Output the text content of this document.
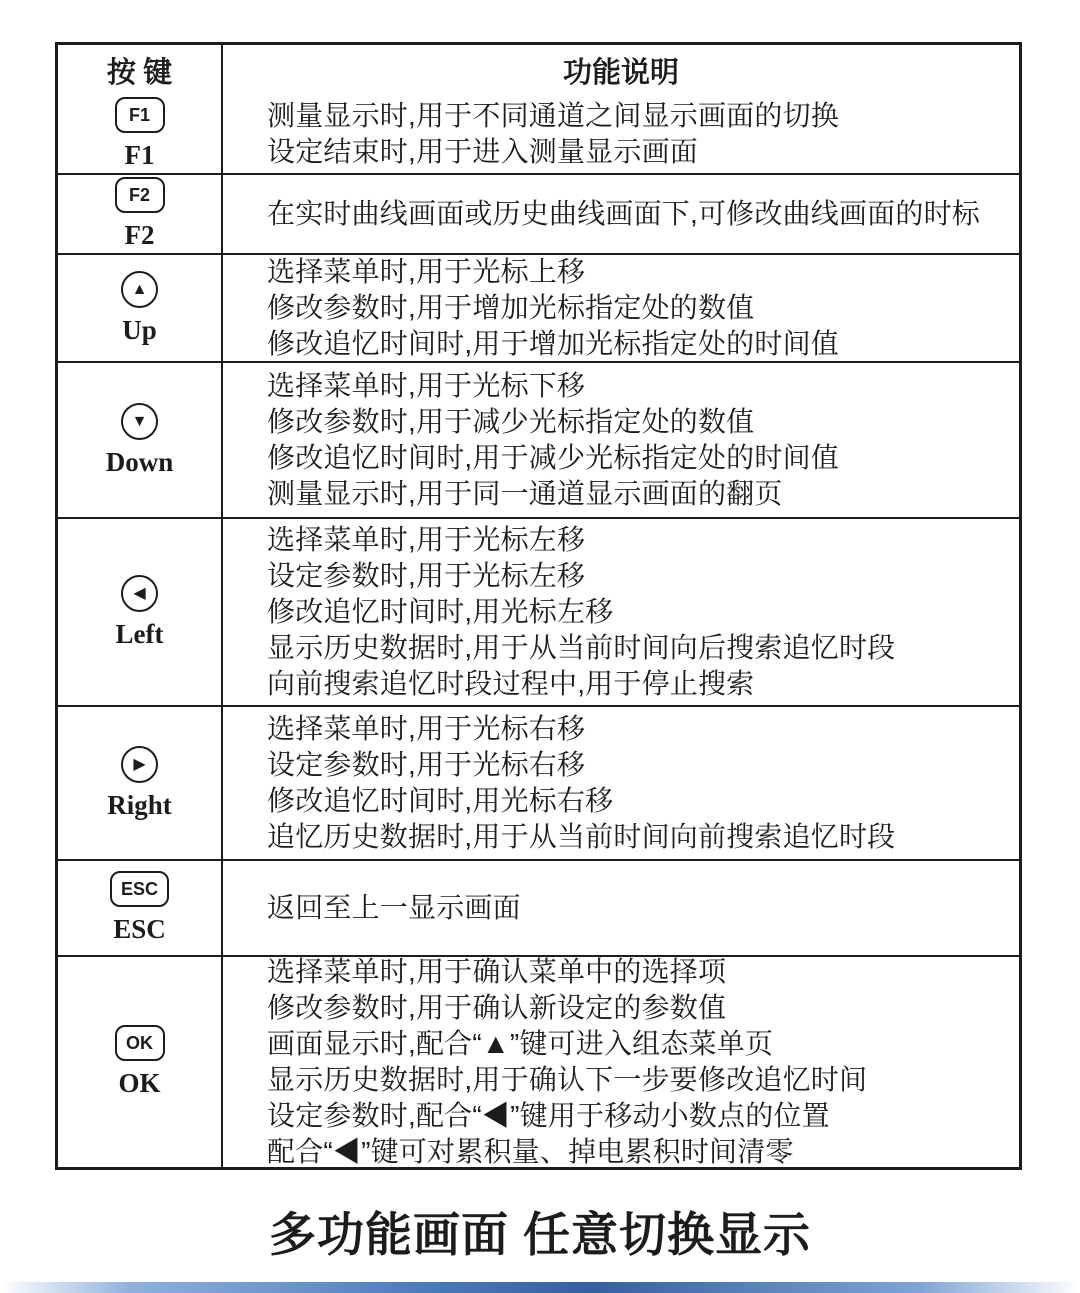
按 键	功能说明
F1
F1
测量显示时,用于不同通道之间显示画面的切换
设定结束时,用于进入测量显示画面
F2
F2
在实时曲线画面或历史曲线画面下,可修改曲线画面的时标
▲
Up
选择菜单时,用于光标上移
修改参数时,用于增加光标指定处的数值
修改追忆时间时,用于增加光标指定处的时间值
▼
Down
选择菜单时,用于光标下移
修改参数时,用于减少光标指定处的数值
修改追忆时间时,用于减少光标指定处的时间值
测量显示时,用于同一通道显示画面的翻页
◀
Left
选择菜单时,用于光标左移
设定参数时,用于光标左移
修改追忆时间时,用光标左移
显示历史数据时,用于从当前时间向后搜索追忆时段
向前搜索追忆时段过程中,用于停止搜索
▶
Right
选择菜单时,用于光标右移
设定参数时,用于光标右移
修改追忆时间时,用光标右移
追忆历史数据时,用于从当前时间向前搜索追忆时段
ESC
ESC
返回至上一显示画面
OK
OK
选择菜单时,用于确认菜单中的选择项
修改参数时,用于确认新设定的参数值
画面显示时,配合“▲”键可进入组态菜单页
显示历史数据时,用于确认下一步要修改追忆时间
设定参数时,配合“◀”键用于移动小数点的位置
配合“◀”键可对累积量、掉电累积时间清零
多功能画面 任意切换显示
